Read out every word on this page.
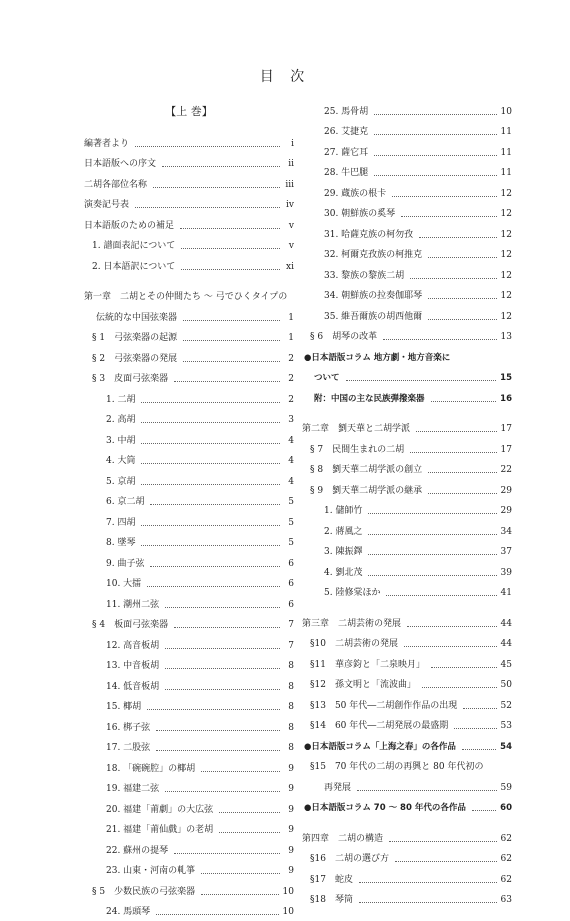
目 次
【上 巻】
編著者より	i
日本語版への序文	ii
二胡各部位名称	iii
演奏記号表	iv
日本語版のための補足	v
1. 譜面表記について	v
2. 日本語訳について	xi
第一章　二胡とその仲間たち ～ 弓でひくタイプの
伝統的な中国弦楽器	1
§ 1　弓弦楽器の起源	1
§ 2　弓弦楽器の発展	2
§ 3　皮面弓弦楽器	2
1. 二胡	2
2. 高胡	3
3. 中胡	4
4. 大筒	4
5. 京胡	4
6. 京二胡	5
7. 四胡	5
8. 墜琴	5
9. 曲子弦	6
10. 大擂	6
11. 潮州二弦	6
§ 4　板面弓弦楽器	7
12. 高音板胡	7
13. 中音板胡	8
14. 低音板胡	8
15. 椰胡	8
16. 梆子弦	8
17. 二股弦	8
18. 「碗碗腔」の椰胡	9
19. 福建二弦	9
20. 福建「莆劇」の大広弦	9
21. 福建「莆仙戲」の老胡	9
22. 蘇州の提琴	9
23. 山東・河南の軋箏	9
§ 5　少数民族の弓弦楽器	10
24. 馬頭琴	10
25. 馬骨胡	10
26. 艾捷克	11
27. 薩它耳	11
28. 牛巴腿	11
29. 蔵族の根卡	12
30. 朝鮮族の奚琴	12
31. 哈薩克族の柯勿孜	12
32. 柯爾克孜族の柯推克	12
33. 黎族の黎族二胡	12
34. 朝鮮族の拉奏伽耶琴	12
35. 維吾爾族の胡西他爾	12
§ 6　胡琴の改革	13
●日本語版コラム 地方劇・地方音楽に
ついて	15
附：中国の主な民族弾撥楽器	16
第二章　劉天華と二胡学派	17
§ 7　民間生まれの二胡	17
§ 8　劉天華二胡学派の創立	22
§ 9　劉天華二胡学派の継承	29
1. 儲師竹	29
2. 蔣風之	34
3. 陳振鐸	37
4. 劉北茂	39
5. 陸修棠ほか	41
第三章　二胡芸術の発展	44
§10　二胡芸術の発展	44
§11　華彦鈞と「二泉映月」	45
§12　孫文明と「流波曲」	50
§13　50 年代―二胡創作作品の出現	52
§14　60 年代―二胡発展の最盛期	53
●日本語版コラム「上海之春」の各作品	54
§15　70 年代の二胡の再興と 80 年代初の
再発展	59
●日本語版コラム 70 ～ 80 年代の各作品	60
第四章　二胡の構造	62
§16　二胡の選び方	62
§17　蛇皮	62
§18　琴筒	63
